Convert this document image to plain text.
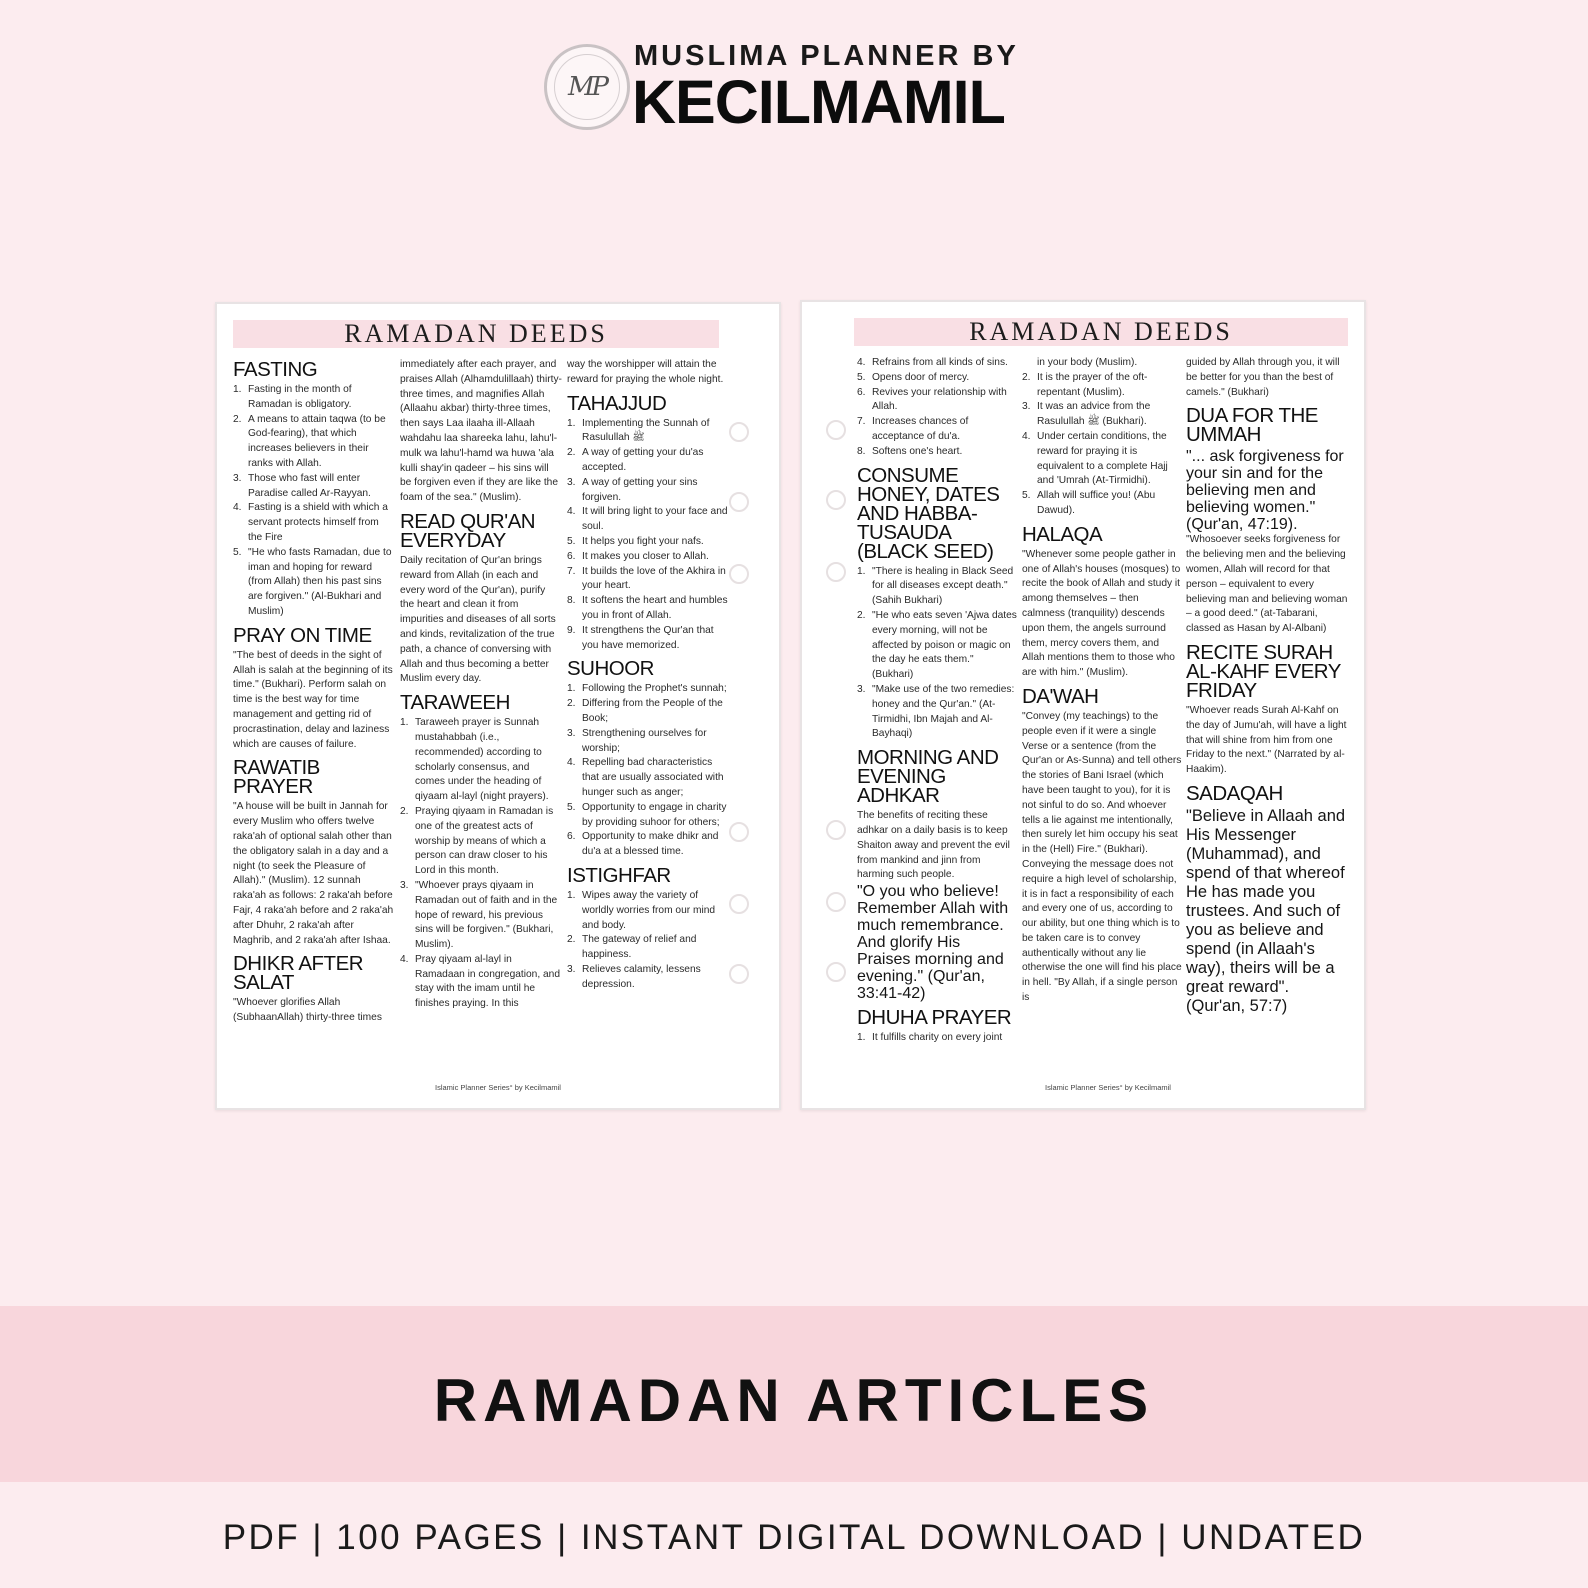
MP
MUSLIMA PLANNER BY
KECILMAMIL
RAMADAN DEEDS
FASTING
1. Fasting in the month of Ramadan is obligatory.
2. A means to attain taqwa (to be God-fearing), that which increases believers in their ranks with Allah.
3. Those who fast will enter Paradise called Ar-Rayyan.
4. Fasting is a shield with which a servant protects himself from the Fire
5. "He who fasts Ramadan, due to iman and hoping for reward (from Allah) then his past sins are forgiven." (Al-Bukhari and Muslim)
PRAY ON TIME

"The best of deeds in the sight of Allah is salah at the beginning of its time." (Bukhari). Perform salah on time is the best way for time management and getting rid of procrastination, delay and laziness which are causes of failure.

RAWATIB PRAYER

"A house will be built in Jannah for every Muslim who offers twelve raka'ah of optional salah other than the obligatory salah in a day and a night (to seek the Pleasure of Allah)." (Muslim). 12 sunnah raka'ah as follows: 2 raka'ah before Fajr, 4 raka'ah before and 2 raka'ah after Dhuhr, 2 raka'ah after Maghrib, and 2 raka'ah after Ishaa.

DHIKR AFTER SALAT

"Whoever glorifies Allah (SubhaanAllah) thirty-three times

immediately after each prayer, and praises Allah (Alhamdulillaah) thirty-three times, and magnifies Allah (Allaahu akbar) thirty-three times, then says Laa ilaaha ill-Allaah wahdahu laa shareeka lahu, lahu'l-mulk wa lahu'l-hamd wa huwa 'ala kulli shay'in qadeer – his sins will be forgiven even if they are like the foam of the sea." (Muslim).

READ QUR'AN EVERYDAY

Daily recitation of Qur'an brings reward from Allah (in each and every word of the Qur'an), purify the heart and clean it from impurities and diseases of all sorts and kinds, revitalization of the true path, a chance of conversing with Allah and thus becoming a better Muslim every day.

TARAWEEH
1. Taraweeh prayer is Sunnah mustahabbah (i.e., recommended) according to scholarly consensus, and comes under the heading of qiyaam al-layl (night prayers).
2. Praying qiyaam in Ramadan is one of the greatest acts of worship by means of which a person can draw closer to his Lord in this month.
3. "Whoever prays qiyaam in Ramadan out of faith and in the hope of reward, his previous sins will be forgiven." (Bukhari, Muslim).
4. Pray qiyaam al-layl in Ramadaan in congregation, and stay with the imam until he finishes praying. In this

way the worshipper will attain the reward for praying the whole night.

TAHAJJUD
1. Implementing the Sunnah of Rasulullah ﷺ
2. A way of getting your du'as accepted.
3. A way of getting your sins forgiven.
4. It will bring light to your face and soul.
5. It helps you fight your nafs.
6. It makes you closer to Allah.
7. It builds the love of the Akhira in your heart.
8. It softens the heart and humbles you in front of Allah.
9. It strengthens the Qur'an that you have memorized.
SUHOOR
1. Following the Prophet's sunnah;
2. Differing from the People of the Book;
3. Strengthening ourselves for worship;
4. Repelling bad characteristics that are usually associated with hunger such as anger;
5. Opportunity to engage in charity by providing suhoor for others;
6. Opportunity to make dhikr and du'a at a blessed time.
ISTIGHFAR
1. Wipes away the variety of worldly worries from our mind and body.
2. The gateway of relief and happiness.
3. Relieves calamity, lessens depression.
Islamic Planner Series° by Kecilmamil
RAMADAN DEEDS
4. Refrains from all kinds of sins.
5. Opens door of mercy.
6. Revives your relationship with Allah.
7. Increases chances of acceptance of du'a.
8. Softens one's heart.
CONSUME HONEY, DATES AND HABBA-TUSAUDA (BLACK SEED)
1. "There is healing in Black Seed for all diseases except death." (Sahih Bukhari)
2. "He who eats seven 'Ajwa dates every morning, will not be affected by poison or magic on the day he eats them." (Bukhari)
3. "Make use of the two remedies: honey and the Qur'an." (At-Tirmidhi, Ibn Majah and Al-Bayhaqi)
MORNING AND EVENING ADHKAR

The benefits of reciting these adhkar on a daily basis is to keep Shaiton away and prevent the evil from mankind and jinn from harming such people.

"O you who believe! Remember Allah with much remembrance. And glorify His Praises morning and evening." (Qur'an, 33:41-42)

DHUHA PRAYER
1. It fulfills charity on every joint

in your body (Muslim).

2. It is the prayer of the oft-repentant (Muslim).
3. It was an advice from the Rasulullah ﷺ (Bukhari).
4. Under certain conditions, the reward for praying it is equivalent to a complete Hajj and 'Umrah (At-Tirmidhi).
5. Allah will suffice you! (Abu Dawud).
HALAQA

"Whenever some people gather in one of Allah's houses (mosques) to recite the book of Allah and study it among themselves – then calmness (tranquility) descends upon them, the angels surround them, mercy covers them, and Allah mentions them to those who are with him." (Muslim).

DA'WAH

"Convey (my teachings) to the people even if it were a single Verse or a sentence (from the Qur'an or As-Sunna) and tell others the stories of Bani Israel (which have been taught to you), for it is not sinful to do so. And whoever tells a lie against me intentionally, then surely let him occupy his seat in the (Hell) Fire." (Bukhari). Conveying the message does not require a high level of scholarship, it is in fact a responsibility of each and every one of us, according to our ability, but one thing which is to be taken care is to convey authentically without any lie otherwise the one will find his place in hell. "By Allah, if a single person is

guided by Allah through you, it will be better for you than the best of camels." (Bukhari)

DUA FOR THE UMMAH

"... ask forgiveness for your sin and for the believing men and believing women." (Qur'an, 47:19).

"Whosoever seeks forgiveness for the believing men and the believing women, Allah will record for that person – equivalent to every believing man and believing woman – a good deed." (at-Tabarani, classed as Hasan by Al-Albani)

RECITE SURAH AL-KAHF EVERY FRIDAY

"Whoever reads Surah Al-Kahf on the day of Jumu'ah, will have a light that will shine from him from one Friday to the next." (Narrated by al-Haakim).

SADAQAH

"Believe in Allaah and His Messenger (Muhammad), and spend of that whereof He has made you trustees. And such of you as believe and spend (in Allaah's way), theirs will be a great reward". (Qur'an, 57:7)

Islamic Planner Series° by Kecilmamil
RAMADAN ARTICLES
PDF | 100 PAGES | INSTANT DIGITAL DOWNLOAD | UNDATED
